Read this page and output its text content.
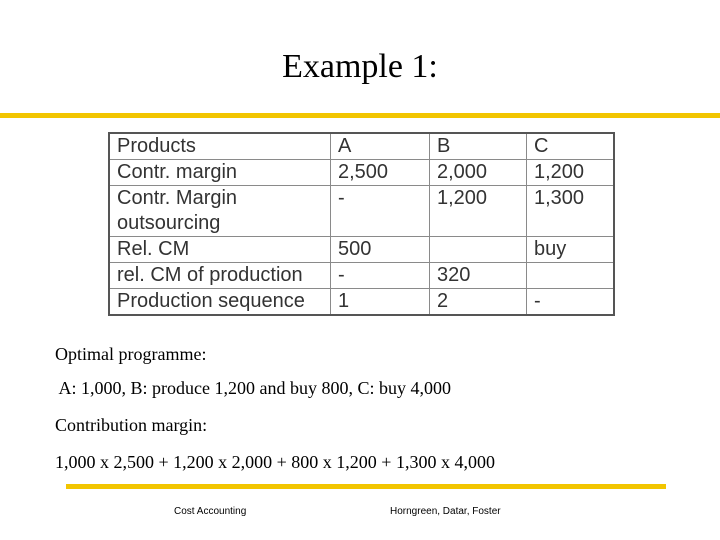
Example 1:
Products	A	B	C
Contr. margin	2,500	2,000	1,200
Contr. Margin outsourcing	-	1,200	1,300
Rel. CM	500		buy
rel. CM of production	-	320	
Production sequence	1	2	-
Optimal programme:
A: 1,000, B: produce 1,200 and buy 800, C: buy 4,000
Contribution margin:
1,000 x 2,500 + 1,200 x 2,000 + 800 x 1,200 + 1,300 x 4,000
Cost Accounting	Horngreen, Datar, Foster
